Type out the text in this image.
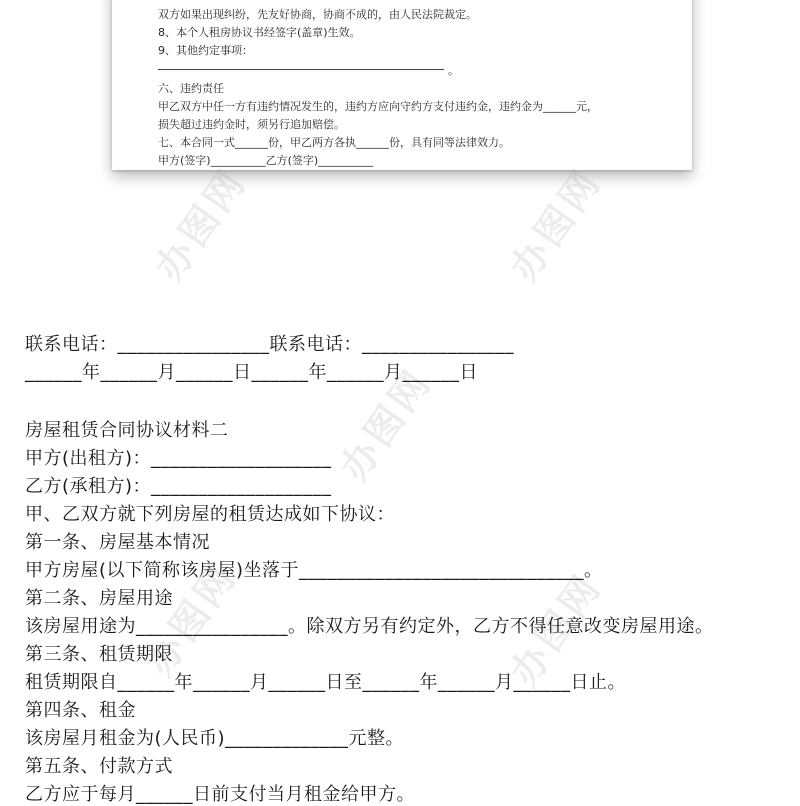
双方如果出现纠纷，先友好协商，协商不成的，由人民法院裁定。
8、本个人租房协议书经签字(盖章)生效。
9、其他约定事项：
。
六、违约责任
甲乙双方中任一方有违约情况发生的，违约方应向守约方支付违约金，违约金为______元，
损失超过违约金时，须另行追加赔偿。
七、本合同一式______份，甲乙两方各执______份，具有同等法律效力。
甲方(签字)__________乙方(签字)__________
办图网	办图网
办图网
办图网
办图网
联系电话：________________联系电话：________________
______年______月______日______年______月______日
房屋租赁合同协议材料二
甲方(出租方)：___________________
乙方(承租方)：___________________
甲、乙双方就下列房屋的租赁达成如下协议：
第一条、房屋基本情况
甲方房屋(以下简称该房屋)坐落于______________________________。
第二条、房屋用途
该房屋用途为________________。除双方另有约定外，乙方不得任意改变房屋用途。
第三条、租赁期限
租赁期限自______年______月______日至______年______月______日止。
第四条、租金
该房屋月租金为(人民币)_____________元整。
第五条、付款方式
乙方应于每月______日前支付当月租金给甲方。
